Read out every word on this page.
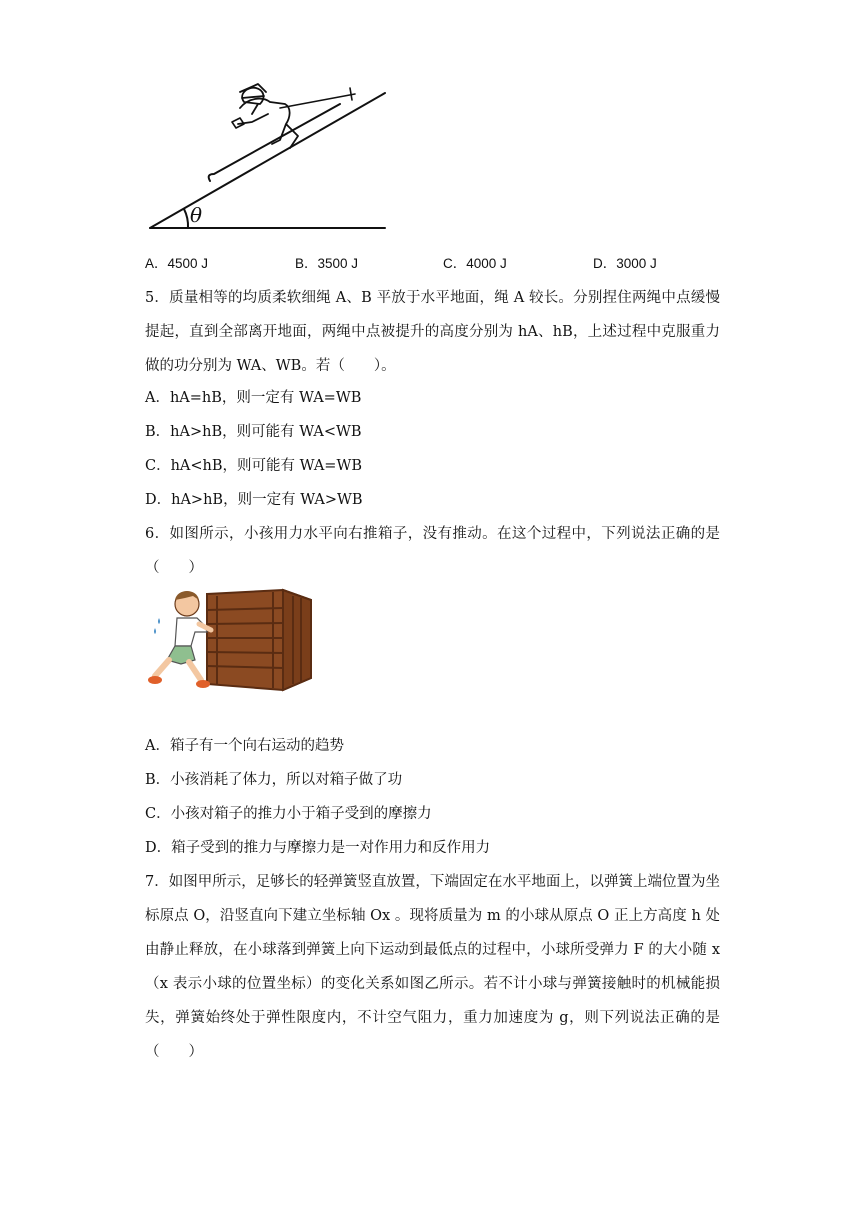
θ
A．4500 J	B．3500 J	C．4000 J	D．3000 J
5．质量相等的均质柔软细绳 A、B 平放于水平地面，绳 A 较长。分别捏住两绳中点缓慢提起，直到全部离开地面，两绳中点被提升的高度分别为 hA、hB，上述过程中克服重力做的功分别为 WA、WB。若（　　）。
A．hA=hB，则一定有 WA=WB
B．hA>hB，则可能有 WA<WB
C．hA<hB，则可能有 WA=WB
D．hA>hB，则一定有 WA>WB
6．如图所示，小孩用力水平向右推箱子，没有推动。在这个过程中，下列说法正确的是 （　　）
A．箱子有一个向右运动的趋势
B．小孩消耗了体力，所以对箱子做了功
C．小孩对箱子的推力小于箱子受到的摩擦力
D．箱子受到的推力与摩擦力是一对作用力和反作用力
7．如图甲所示，足够长的轻弹簧竖直放置，下端固定在水平地面上，以弹簧上端位置为坐标原点 O，沿竖直向下建立坐标轴 Ox 。现将质量为 m 的小球从原点 O 正上方高度 h 处由静止释放，在小球落到弹簧上向下运动到最低点的过程中，小球所受弹力 F 的大小随 x（x 表示小球的位置坐标）的变化关系如图乙所示。若不计小球与弹簧接触时的机械能损失，弹簧始终处于弹性限度内，不计空气阻力，重力加速度为 g，则下列说法正确的是（　　）
